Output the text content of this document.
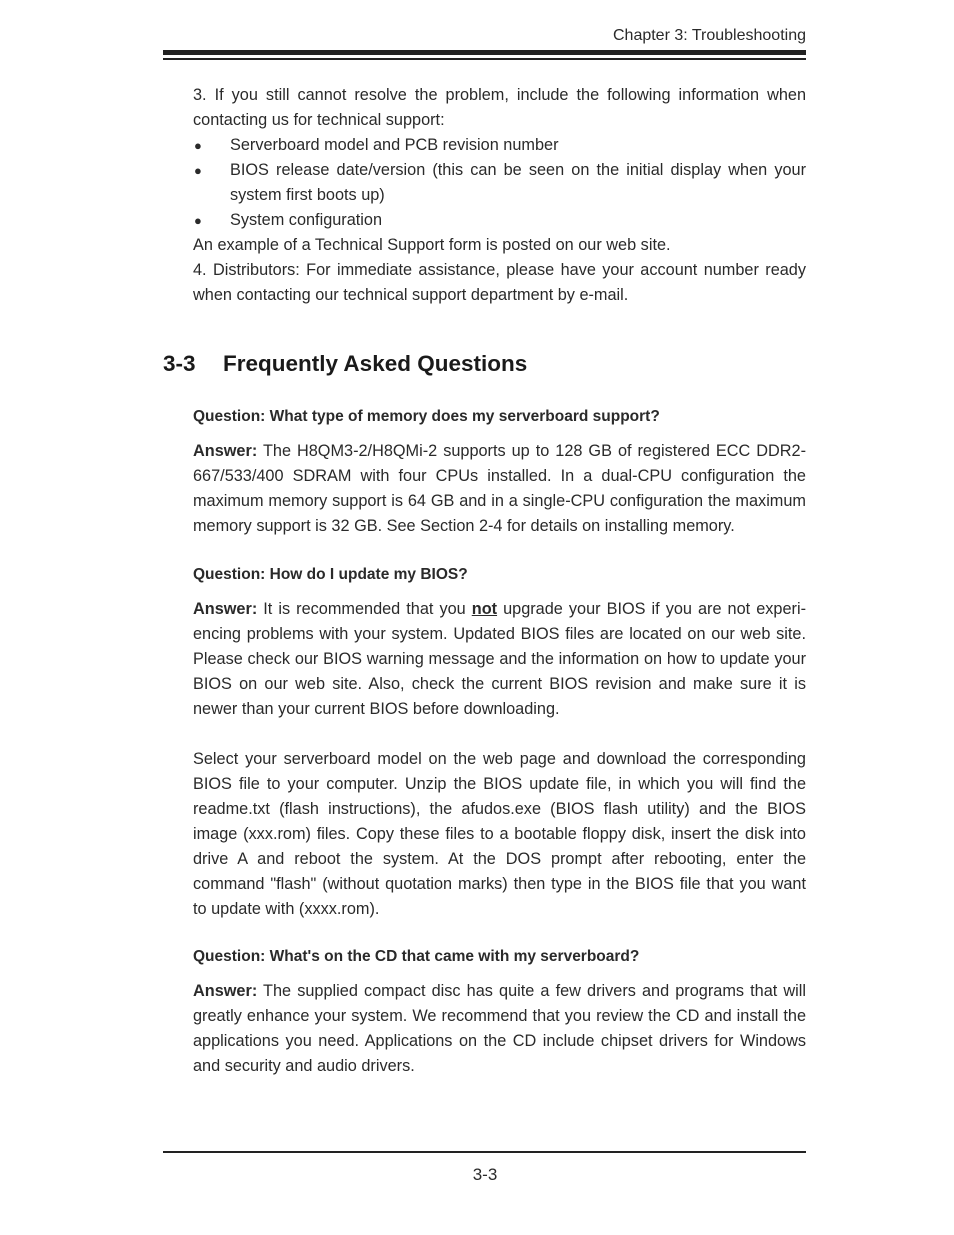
Chapter 3: Troubleshooting

3. If you still cannot resolve the problem, include the following information when contacting us for technical support:

● Serverboard model and PCB revision number
● BIOS release date/version (this can be seen on the initial display when your system first boots up)
● System configuration

An example of a Technical Support form is posted on our web site.

4. Distributors: For immediate assistance, please have your account number ready when contacting our technical support department by e-mail.

3-3 Frequently Asked Questions

Question: What type of memory does my serverboard support?

Answer: The H8QM3-2/H8QMi-2 supports up to 128 GB of registered ECC DDR2-667/533/400 SDRAM with four CPUs installed. In a dual-CPU configuration the maximum memory support is 64 GB and in a single-CPU configuration the maximum memory support is 32 GB. See Section 2-4 for details on installing memory.

Question: How do I update my BIOS?

Answer: It is recommended that you not upgrade your BIOS if you are not experi-encing problems with your system. Updated BIOS files are located on our web site. Please check our BIOS warning message and the information on how to update your BIOS on our web site. Also, check the current BIOS revision and make sure it is newer than your current BIOS before downloading.

Select your serverboard model on the web page and download the corresponding BIOS file to your computer. Unzip the BIOS update file, in which you will find the readme.txt (flash instructions), the afudos.exe (BIOS flash utility) and the BIOS image (xxx.rom) files. Copy these files to a bootable floppy disk, insert the disk into drive A and reboot the system. At the DOS prompt after rebooting, enter the command "flash" (without quotation marks) then type in the BIOS file that you want to update with (xxxx.rom).

Question: What's on the CD that came with my serverboard?

Answer: The supplied compact disc has quite a few drivers and programs that will greatly enhance your system. We recommend that you review the CD and install the applications you need. Applications on the CD include chipset drivers for Windows and security and audio drivers.

3-3
